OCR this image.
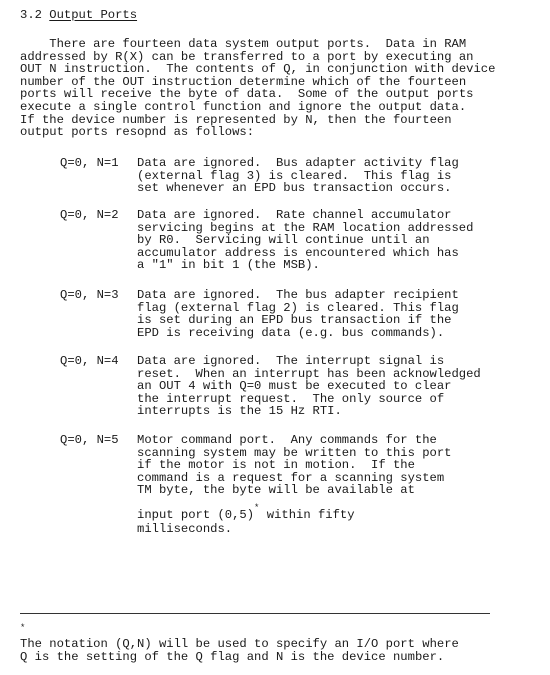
3.2 Output Ports
There are fourteen data system output ports.  Data in RAM
addressed by R(X) can be transferred to a port by executing an
OUT N instruction.  The contents of Q, in conjunction with device
number of the OUT instruction determine which of the fourteen
ports will receive the byte of data.  Some of the output ports
execute a single control function and ignore the output data.
If the device number is represented by N, then the fourteen
output ports resopnd as follows:
Q=0, N=1 Data are ignored.  Bus adapter activity flag
(external flag 3) is cleared.  This flag is
set whenever an EPD bus transaction occurs.
Q=0, N=2 Data are ignored.  Rate channel accumulator
servicing begins at the RAM location addressed
by R0.  Servicing will continue until an
accumulator address is encountered which has
a "1" in bit 1 (the MSB).
Q=0, N=3 Data are ignored.  The bus adapter recipient
flag (external flag 2) is cleared. This flag
is set during an EPD bus transaction if the
EPD is receiving data (e.g. bus commands).
Q=0, N=4 Data are ignored.  The interrupt signal is
reset.  When an interrupt has been acknowledged
an OUT 4 with Q=0 must be executed to clear
the interrupt request.  The only source of
interrupts is the 15 Hz RTI.
Q=0, N=5 Motor command port.  Any commands for the
scanning system may be written to this port
if the motor is not in motion.  If the
command is a request for a scanning system
TM byte, the byte will be available at
input port (0,5)* within fifty
milliseconds.
*
The notation (Q,N) will be used to specify an I/O port where
Q is the setting of the Q flag and N is the device number.
